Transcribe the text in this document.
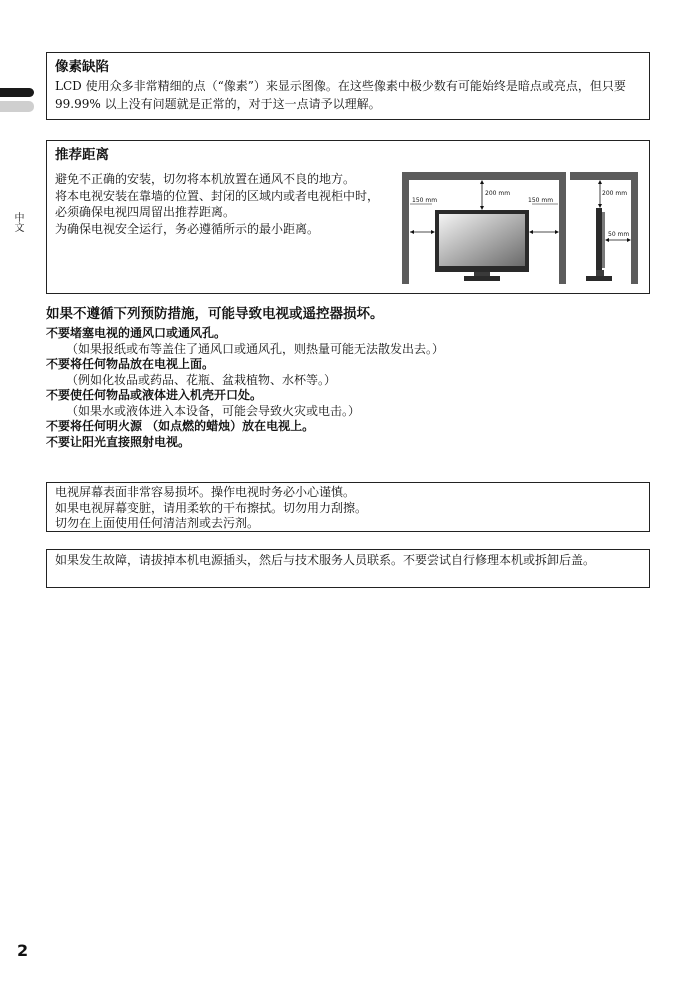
中文

像素缺陷

LCD 使用众多非常精细的点（“像素”）来显示图像。在这些像素中极少数有可能始终是暗点或亮点，但只要 99.99% 以上没有问题就是正常的，对于这一点请予以理解。

推荐距离

避免不正确的安装，切勿将本机放置在通风不良的地方。

将本电视安装在靠墙的位置、封闭的区域内或者电视柜中时，必须确保电视四周留出推荐距离。

为确保电视安全运行，务必遵循所示的最小距离。

150 mm
200 mm
150 mm
200 mm
50 mm

如果不遵循下列预防措施，可能导致电视或遥控器损坏。

不要堵塞电视的通风口或通风孔。

（如果报纸或布等盖住了通风口或通风孔，则热量可能无法散发出去。）

不要将任何物品放在电视上面。

（例如化妆品或药品、花瓶、盆栽植物、水杯等。）

不要使任何物品或液体进入机壳开口处。

（如果水或液体进入本设备，可能会导致火灾或电击。）

不要将任何明火源 （如点燃的蜡烛）放在电视上。

不要让阳光直接照射电视。

电视屏幕表面非常容易损坏。操作电视时务必小心谨慎。

如果电视屏幕变脏，请用柔软的干布擦拭。切勿用力刮擦。

切勿在上面使用任何清洁剂或去污剂。

如果发生故障，请拔掉本机电源插头，然后与技术服务人员联系。不要尝试自行修理本机或拆卸后盖。

2
